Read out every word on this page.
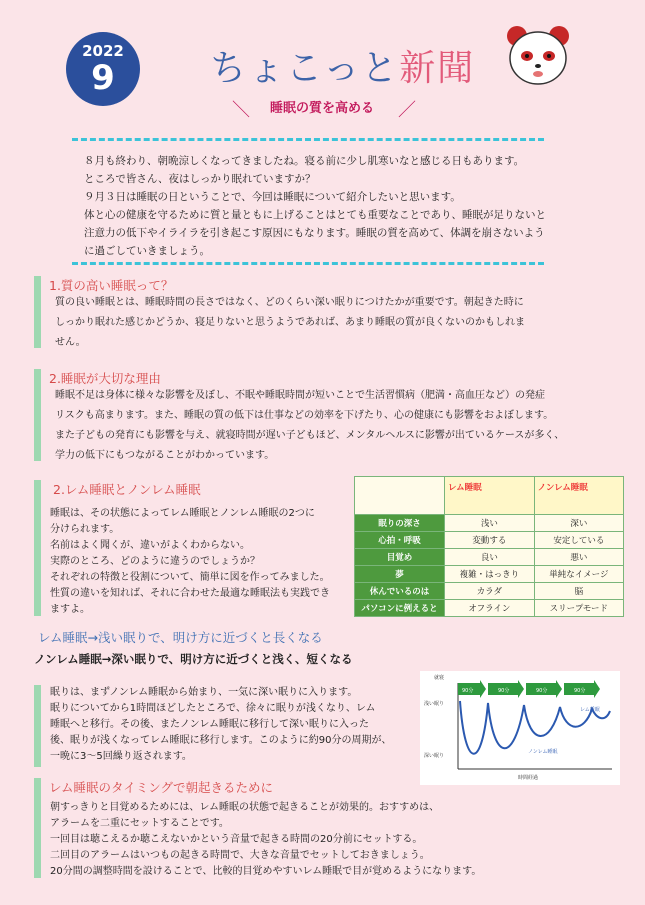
2022
9	ちょこっと新聞
＼	睡眠の質を高める	／
８月も終わり、朝晩涼しくなってきましたね。寝る前に少し肌寒いなと感じる日もあります。
ところで皆さん、夜はしっかり眠れていますか？
９月３日は睡眠の日ということで、今回は睡眠について紹介したいと思います。
体と心の健康を守るために質と量ともに上げることはとても重要なことであり、睡眠が足りないと
注意力の低下やイライラを引き起こす原因にもなります。睡眠の質を高めて、体調を崩さないよう
に過ごしていきましょう。
1.質の高い睡眠って？
質の良い睡眠とは、睡眠時間の長さではなく、どのくらい深い眠りにつけたかが重要です。朝起きた時に
しっかり眠れた感じかどうか、寝足りないと思うようであれば、あまり睡眠の質が良くないのかもしれま
せん。
2.睡眠が大切な理由
睡眠不足は身体に様々な影響を及ぼし、不眠や睡眠時間が短いことで生活習慣病（肥満・高血圧など）の発症
リスクも高まります。また、睡眠の質の低下は仕事などの効率を下げたり、心の健康にも影響をおよぼします。
また子どもの発育にも影響を与え、就寝時間が遅い子どもほど、メンタルヘルスに影響が出ているケースが多く、
学力の低下にもつながることがわかっています。
2.レム睡眠とノンレム睡眠
睡眠は、その状態によってレム睡眠とノンレム睡眠の2つに
分けられます。
名前はよく聞くが、違いがよくわからない。
実際のところ、どのように違うのでしょうか？
それぞれの特徴と役割について、簡単に図を作ってみました。
性質の違いを知れば、それに合わせた最適な睡眠法も実践でき
ますよ。
	レム睡眠	ノンレム睡眠
眠りの深さ	浅い	深い
心拍・呼吸	変動する	安定している
目覚め	良い	悪い
夢	複雑・はっきり	単純なイメージ
休んでいるのは	カラダ	脳
パソコンに例えると	オフライン	スリープモード
レム睡眠→浅い眠りで、明け方に近づくと長くなる
ノンレム睡眠→深い眠りで、明け方に近づくと浅く、短くなる
眠りは、まずノンレム睡眠から始まり、一気に深い眠りに入ります。
眠りについてから1時間ほどしたところで、徐々に眠りが浅くなり、レム
睡眠へと移行。その後、またノンレム睡眠に移行して深い眠りに入った
後、眠りが浅くなってレム睡眠に移行します。このように約90分の周期が、
一晩に3～5回繰り返されます。
就寝
浅い眠り
深い眠り
90分	90分	90分	90分
レム睡眠
ノンレム睡眠
時間経過
レム睡眠のタイミングで朝起きるために
朝すっきりと目覚めるためには、レム睡眠の状態で起きることが効果的。おすすめは、
アラームを二重にセットすることです。
一回目は聴こえるか聴こえないかという音量で起きる時間の20分前にセットする。
二回目のアラームはいつもの起きる時間で、大きな音量でセットしておきましょう。
20分間の調整時間を設けることで、比較的目覚めやすいレム睡眠で目が覚めるようになります。
